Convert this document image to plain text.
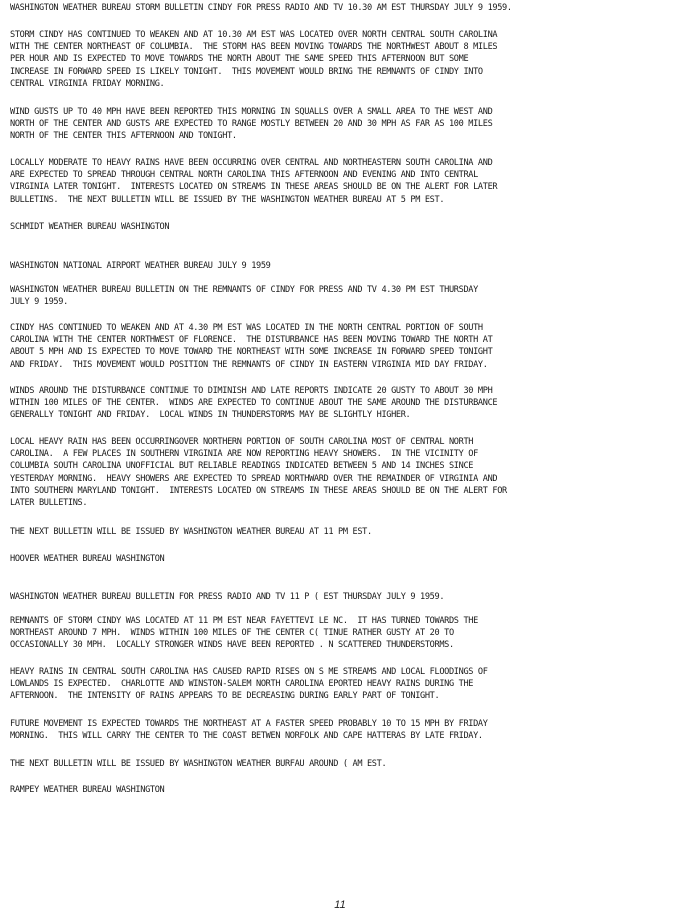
WASHINGTON WEATHER BUREAU STORM BULLETIN CINDY FOR PRESS RADIO AND TV 10.30 AM EST THURSDAY JULY 9 1959.
STORM CINDY HAS CONTINUED TO WEAKEN AND AT 10.30 AM EST WAS LOCATED OVER NORTH CENTRAL SOUTH CAROLINA
WITH THE CENTER NORTHEAST OF COLUMBIA.  THE STORM HAS BEEN MOVING TOWARDS THE NORTHWEST ABOUT 8 MILES
PER HOUR AND IS EXPECTED TO MOVE TOWARDS THE NORTH ABOUT THE SAME SPEED THIS AFTERNOON BUT SOME
INCREASE IN FORWARD SPEED IS LIKELY TONIGHT.  THIS MOVEMENT WOULD BRING THE REMNANTS OF CINDY INTO
CENTRAL VIRGINIA FRIDAY MORNING.
WIND GUSTS UP TO 40 MPH HAVE BEEN REPORTED THIS MORNING IN SQUALLS OVER A SMALL AREA TO THE WEST AND
NORTH OF THE CENTER AND GUSTS ARE EXPECTED TO RANGE MOSTLY BETWEEN 20 AND 30 MPH AS FAR AS 100 MILES
NORTH OF THE CENTER THIS AFTERNOON AND TONIGHT.
LOCALLY MODERATE TO HEAVY RAINS HAVE BEEN OCCURRING OVER CENTRAL AND NORTHEASTERN SOUTH CAROLINA AND
ARE EXPECTED TO SPREAD THROUGH CENTRAL NORTH CAROLINA THIS AFTERNOON AND EVENING AND INTO CENTRAL
VIRGINIA LATER TONIGHT.  INTERESTS LOCATED ON STREAMS IN THESE AREAS SHOULD BE ON THE ALERT FOR LATER
BULLETINS.  THE NEXT BULLETIN WILL BE ISSUED BY THE WASHINGTON WEATHER BUREAU AT 5 PM EST.
SCHMIDT WEATHER BUREAU WASHINGTON
WASHINGTON NATIONAL AIRPORT WEATHER BUREAU JULY 9 1959
WASHINGTON WEATHER BUREAU BULLETIN ON THE REMNANTS OF CINDY FOR PRESS AND TV 4.30 PM EST THURSDAY
JULY 9 1959.
CINDY HAS CONTINUED TO WEAKEN AND AT 4.30 PM EST WAS LOCATED IN THE NORTH CENTRAL PORTION OF SOUTH
CAROLINA WITH THE CENTER NORTHWEST OF FLORENCE.  THE DISTURBANCE HAS BEEN MOVING TOWARD THE NORTH AT
ABOUT 5 MPH AND IS EXPECTED TO MOVE TOWARD THE NORTHEAST WITH SOME INCREASE IN FORWARD SPEED TONIGHT
AND FRIDAY.  THIS MOVEMENT WOULD POSITION THE REMNANTS OF CINDY IN EASTERN VIRGINIA MID DAY FRIDAY.
WINDS AROUND THE DISTURBANCE CONTINUE TO DIMINISH AND LATE REPORTS INDICATE 20 GUSTY TO ABOUT 30 MPH
WITHIN 100 MILES OF THE CENTER.  WINDS ARE EXPECTED TO CONTINUE ABOUT THE SAME AROUND THE DISTURBANCE
GENERALLY TONIGHT AND FRIDAY.  LOCAL WINDS IN THUNDERSTORMS MAY BE SLIGHTLY HIGHER.
LOCAL HEAVY RAIN HAS BEEN OCCURRINGOVER NORTHERN PORTION OF SOUTH CAROLINA MOST OF CENTRAL NORTH
CAROLINA.  A FEW PLACES IN SOUTHERN VIRGINIA ARE NOW REPORTING HEAVY SHOWERS.  IN THE VICINITY OF
COLUMBIA SOUTH CAROLINA UNOFFICIAL BUT RELIABLE READINGS INDICATED BETWEEN 5 AND 14 INCHES SINCE
YESTERDAY MORNING.  HEAVY SHOWERS ARE EXPECTED TO SPREAD NORTHWARD OVER THE REMAINDER OF VIRGINIA AND
INTO SOUTHERN MARYLAND TONIGHT.  INTERESTS LOCATED ON STREAMS IN THESE AREAS SHOULD BE ON THE ALERT FOR
LATER BULLETINS.
THE NEXT BULLETIN WILL BE ISSUED BY WASHINGTON WEATHER BUREAU AT 11 PM EST.
HOOVER WEATHER BUREAU WASHINGTON
WASHINGTON WEATHER BUREAU BULLETIN FOR PRESS RADIO AND TV 11 P ( EST THURSDAY JULY 9 1959.
REMNANTS OF STORM CINDY WAS LOCATED AT 11 PM EST NEAR FAYETTEVI LE NC.  IT HAS TURNED TOWARDS THE
NORTHEAST AROUND 7 MPH.  WINDS WITHIN 100 MILES OF THE CENTER C( TINUE RATHER GUSTY AT 20 TO
OCCASIONALLY 30 MPH.  LOCALLY STRONGER WINDS HAVE BEEN REPORTED . N SCATTERED THUNDERSTORMS.
HEAVY RAINS IN CENTRAL SOUTH CAROLINA HAS CAUSED RAPID RISES ON S ME STREAMS AND LOCAL FLOODINGS OF
LOWLANDS IS EXPECTED.  CHARLOTTE AND WINSTON-SALEM NORTH CAROLINA EPORTED HEAVY RAINS DURING THE
AFTERNOON.  THE INTENSITY OF RAINS APPEARS TO BE DECREASING DURING EARLY PART OF TONIGHT.
FUTURE MOVEMENT IS EXPECTED TOWARDS THE NORTHEAST AT A FASTER SPEED PROBABLY 10 TO 15 MPH BY FRIDAY
MORNING.  THIS WILL CARRY THE CENTER TO THE COAST BETWEN NORFOLK AND CAPE HATTERAS BY LATE FRIDAY.
THE NEXT BULLETIN WILL BE ISSUED BY WASHINGTON WEATHER BURFAU AROUND ( AM EST.
RAMPEY WEATHER BUREAU WASHINGTON
11
